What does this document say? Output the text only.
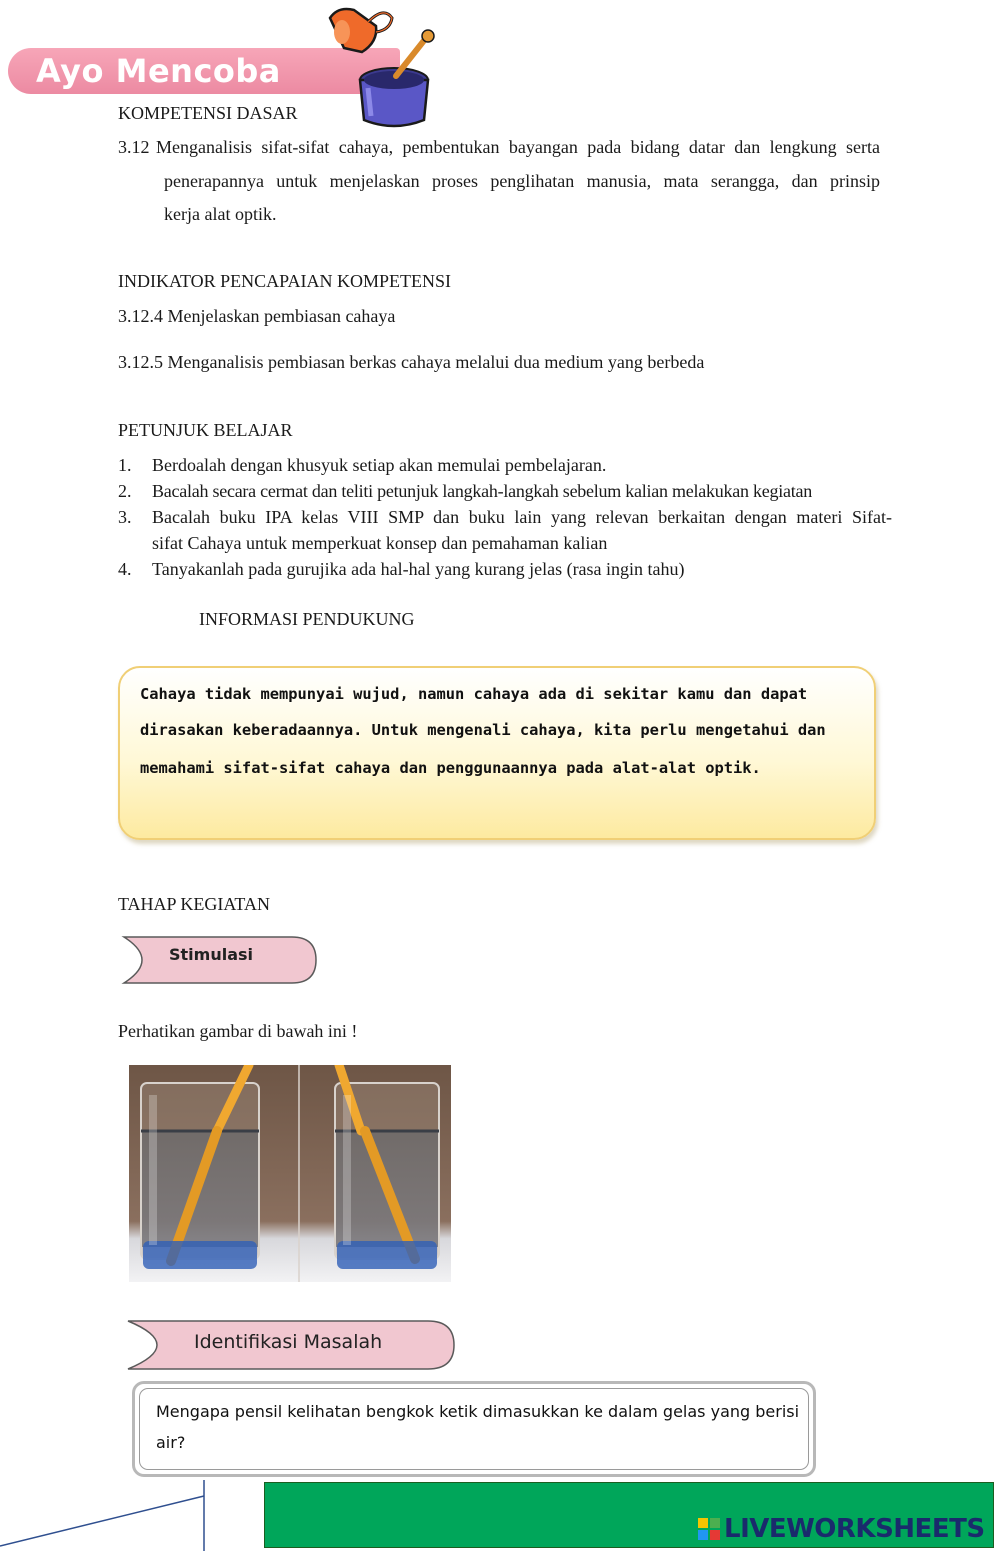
Ayo Mencoba
KOMPETENSI DASAR
3.12 Menganalisis sifat-sifat cahaya, pembentukan bayangan pada bidang datar dan lengkung serta
penerapannya untuk menjelaskan proses penglihatan manusia, mata serangga, dan prinsip
kerja alat optik.
INDIKATOR PENCAPAIAN KOMPETENSI
3.12.4 Menjelaskan pembiasan cahaya
3.12.5 Menganalisis pembiasan berkas cahaya melalui dua medium yang berbeda
PETUNJUK BELAJAR
1. Berdoalah dengan khusyuk setiap akan memulai pembelajaran.
2. Bacalah secara cermat dan teliti petunjuk langkah-langkah sebelum kalian melakukan kegiatan
3. Bacalah buku IPA kelas VIII SMP dan buku lain yang relevan berkaitan dengan materi Sifat-
sifat Cahaya untuk memperkuat konsep dan pemahaman kalian
4. Tanyakanlah pada gurujika ada hal-hal yang kurang jelas (rasa ingin tahu)
INFORMASI PENDUKUNG
Cahaya tidak mempunyai wujud, namun cahaya ada di sekitar kamu dan dapat
dirasakan keberadaannya. Untuk mengenali cahaya, kita perlu mengetahui dan
memahami sifat-sifat cahaya dan penggunaannya pada alat-alat optik.
TAHAP KEGIATAN
Stimulasi
Perhatikan gambar di bawah ini !
Identifikasi Masalah
Mengapa pensil kelihatan bengkok ketik dimasukkan ke dalam gelas yang berisi
air?
LIVEWORKSHEETS
